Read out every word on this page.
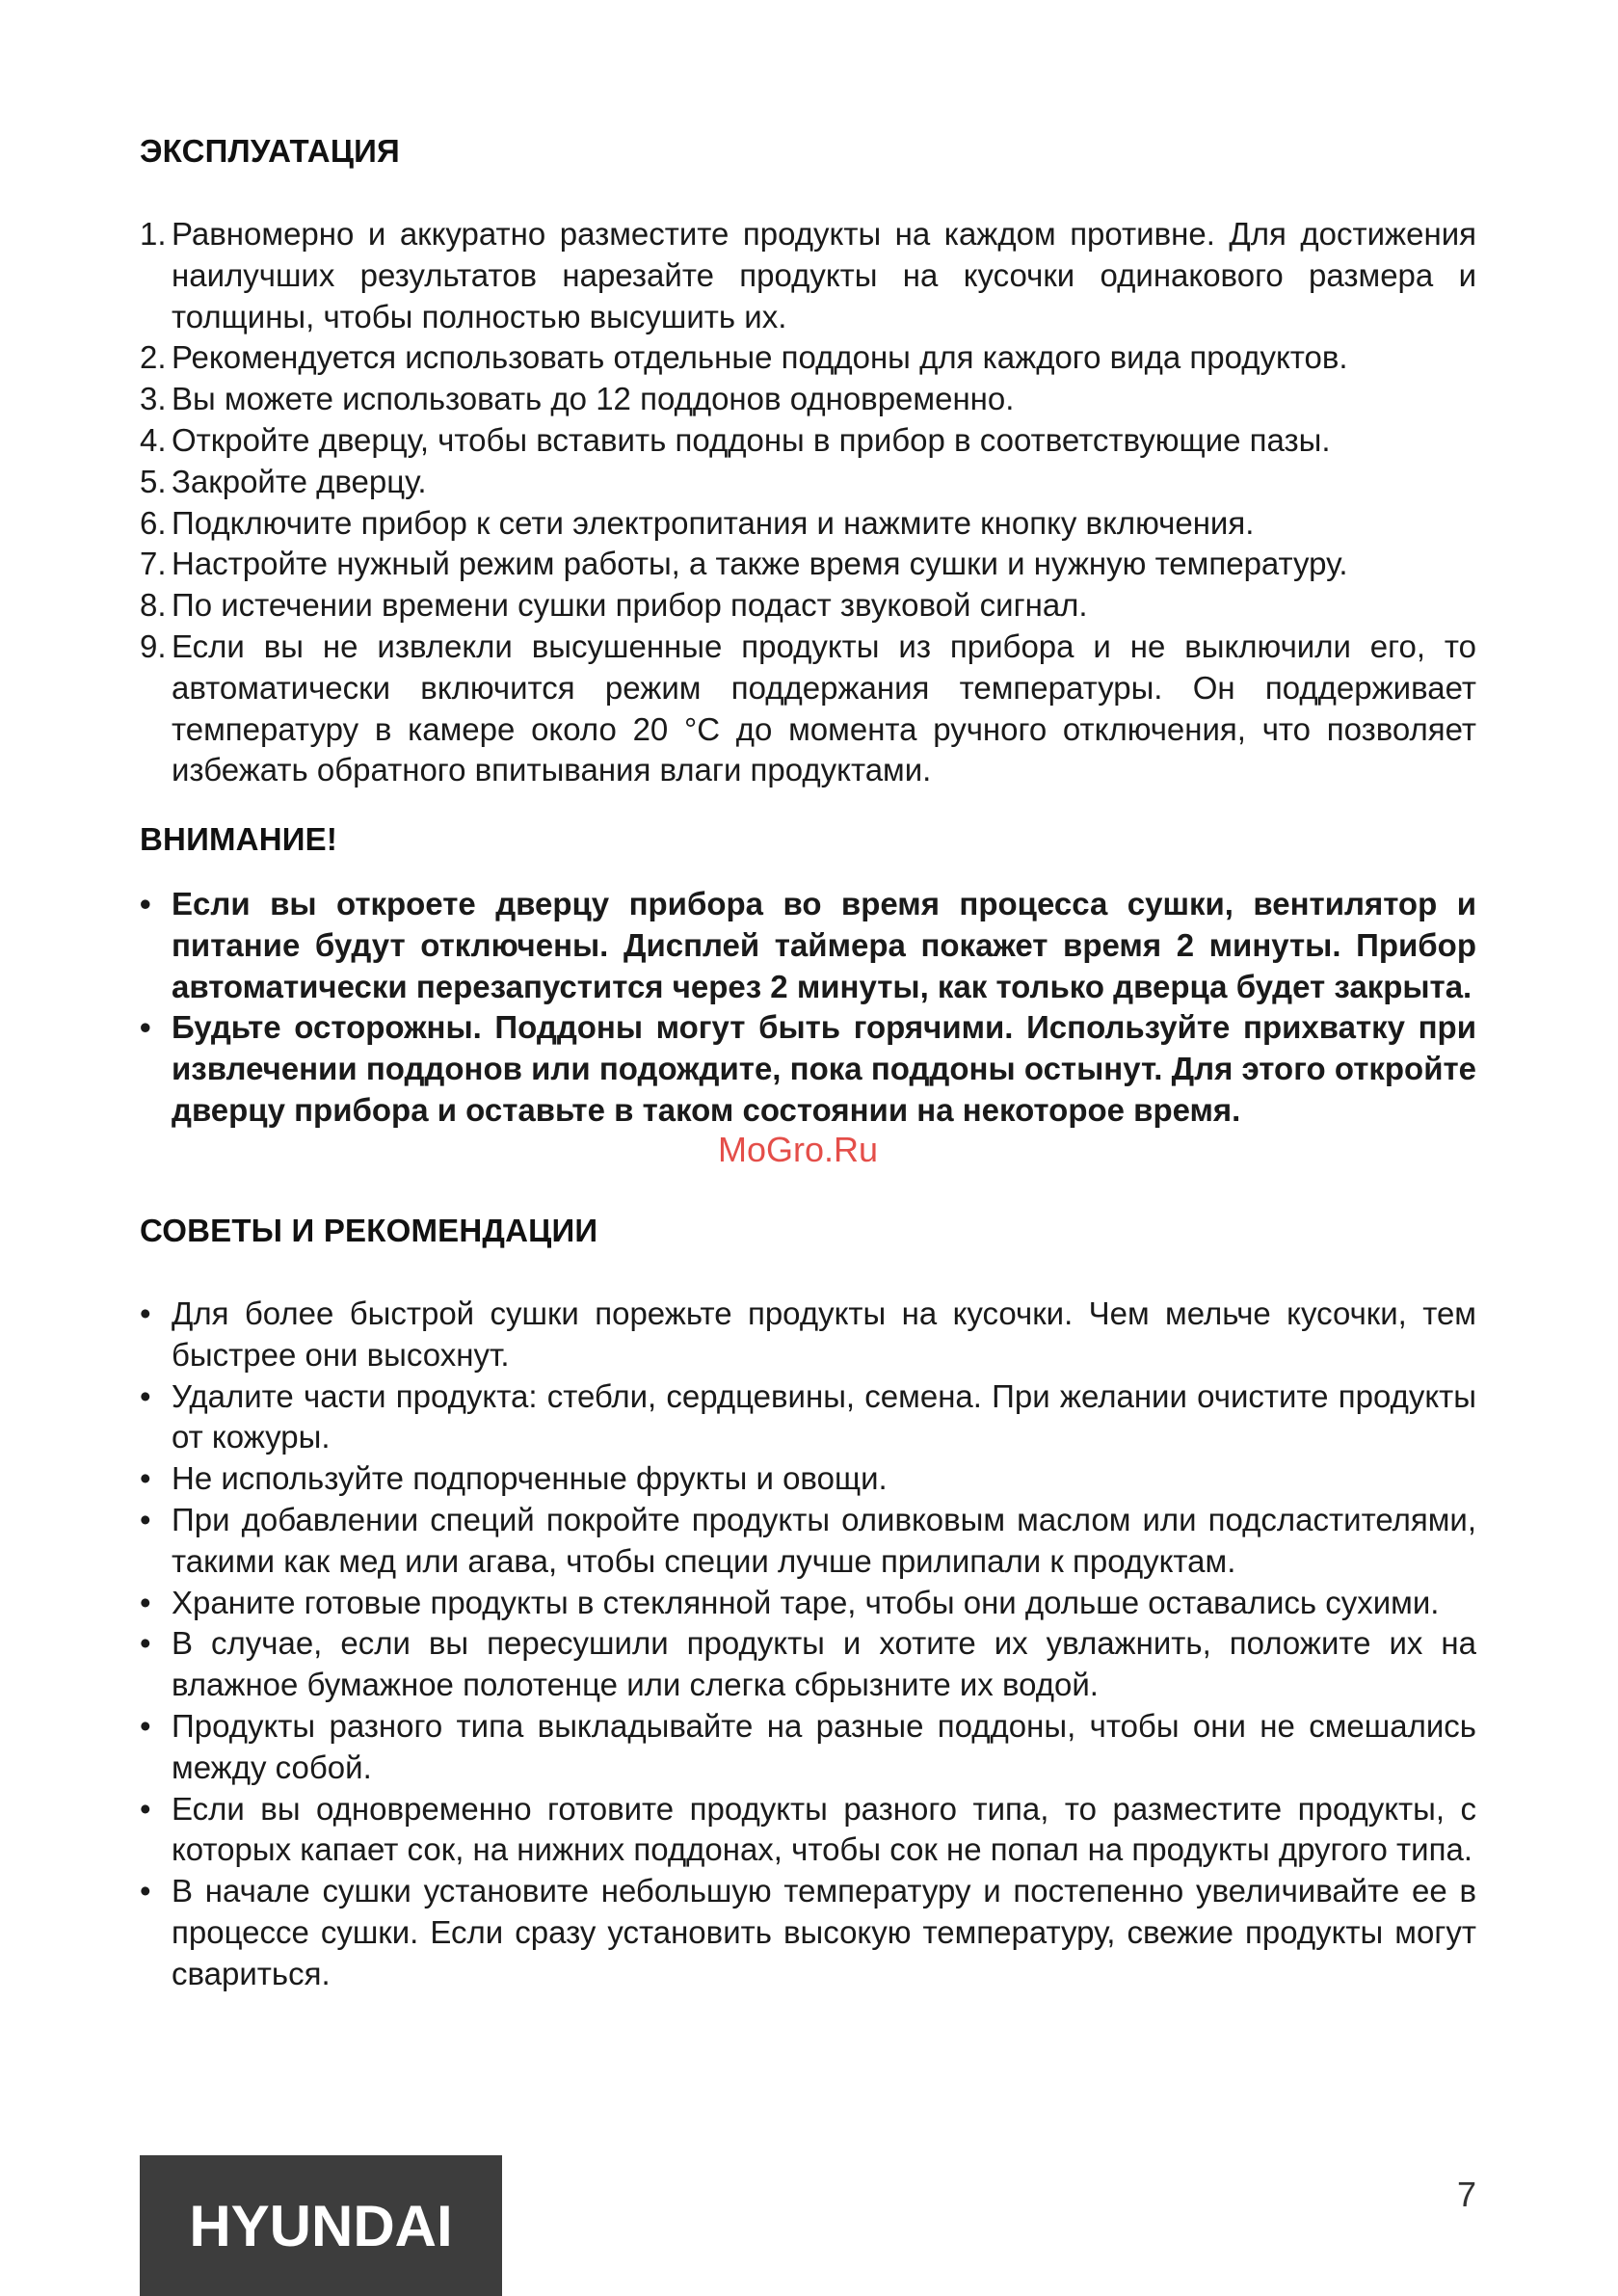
ЭКСПЛУАТАЦИЯ
1. Равномерно и аккуратно разместите продукты на каждом противне. Для достижения наилучших результатов нарезайте продукты на кусочки одинакового размера и толщины, чтобы полностью высушить их.
2. Рекомендуется использовать отдельные поддоны для каждого вида продуктов.
3. Вы можете использовать до 12 поддонов одновременно.
4. Откройте дверцу, чтобы вставить поддоны в прибор в соответствующие пазы.
5. Закройте дверцу.
6. Подключите прибор к сети электропитания и нажмите кнопку включения.
7. Настройте нужный режим работы, а также время сушки и нужную температуру.
8. По истечении времени сушки прибор подаст звуковой сигнал.
9. Если вы не извлекли высушенные продукты из прибора и не выключили его, то автоматически включится режим поддержания температуры. Он поддерживает температуру в камере около 20 °С до момента ручного отключения, что позволяет избежать обратного впитывания влаги продуктами.
ВНИМАНИЕ!
• Если вы откроете дверцу прибора во время процесса сушки, вентилятор и питание будут отключены. Дисплей таймера покажет время 2 минуты. Прибор автоматически перезапустится через 2 минуты, как только дверца будет закрыта.
• Будьте осторожны. Поддоны могут быть горячими. Используйте прихватку при извлечении поддонов или подождите, пока поддоны остынут. Для этого откройте дверцу прибора и оставьте в таком состоянии на некоторое время.
СОВЕТЫ И РЕКОМЕНДАЦИИ
• Для более быстрой сушки порежьте продукты на кусочки. Чем мельче кусочки, тем быстрее они высохнут.
• Удалите части продукта: стебли, сердцевины, семена. При желании очистите продукты от кожуры.
• Не используйте подпорченные фрукты и овощи.
• При добавлении специй покройте продукты оливковым маслом или подсластителями, такими как мед или агава, чтобы специи лучше прилипали к продуктам.
• Храните готовые продукты в стеклянной таре, чтобы они дольше оставались сухими.
• В случае, если вы пересушили продукты и хотите их увлажнить, положите их на влажное бумажное полотенце или слегка сбрызните их водой.
• Продукты разного типа выкладывайте на разные поддоны, чтобы они не смешались между собой.
• Если вы одновременно готовите продукты разного типа, то разместите продукты, с которых капает сок, на нижних поддонах, чтобы сок не попал на продукты другого типа.
• В начале сушки установите небольшую температуру и постепенно увеличивайте ее в процессе сушки. Если сразу установить высокую температуру, свежие продукты могут свариться.
MoGro.Ru
HYUNDAI	7
